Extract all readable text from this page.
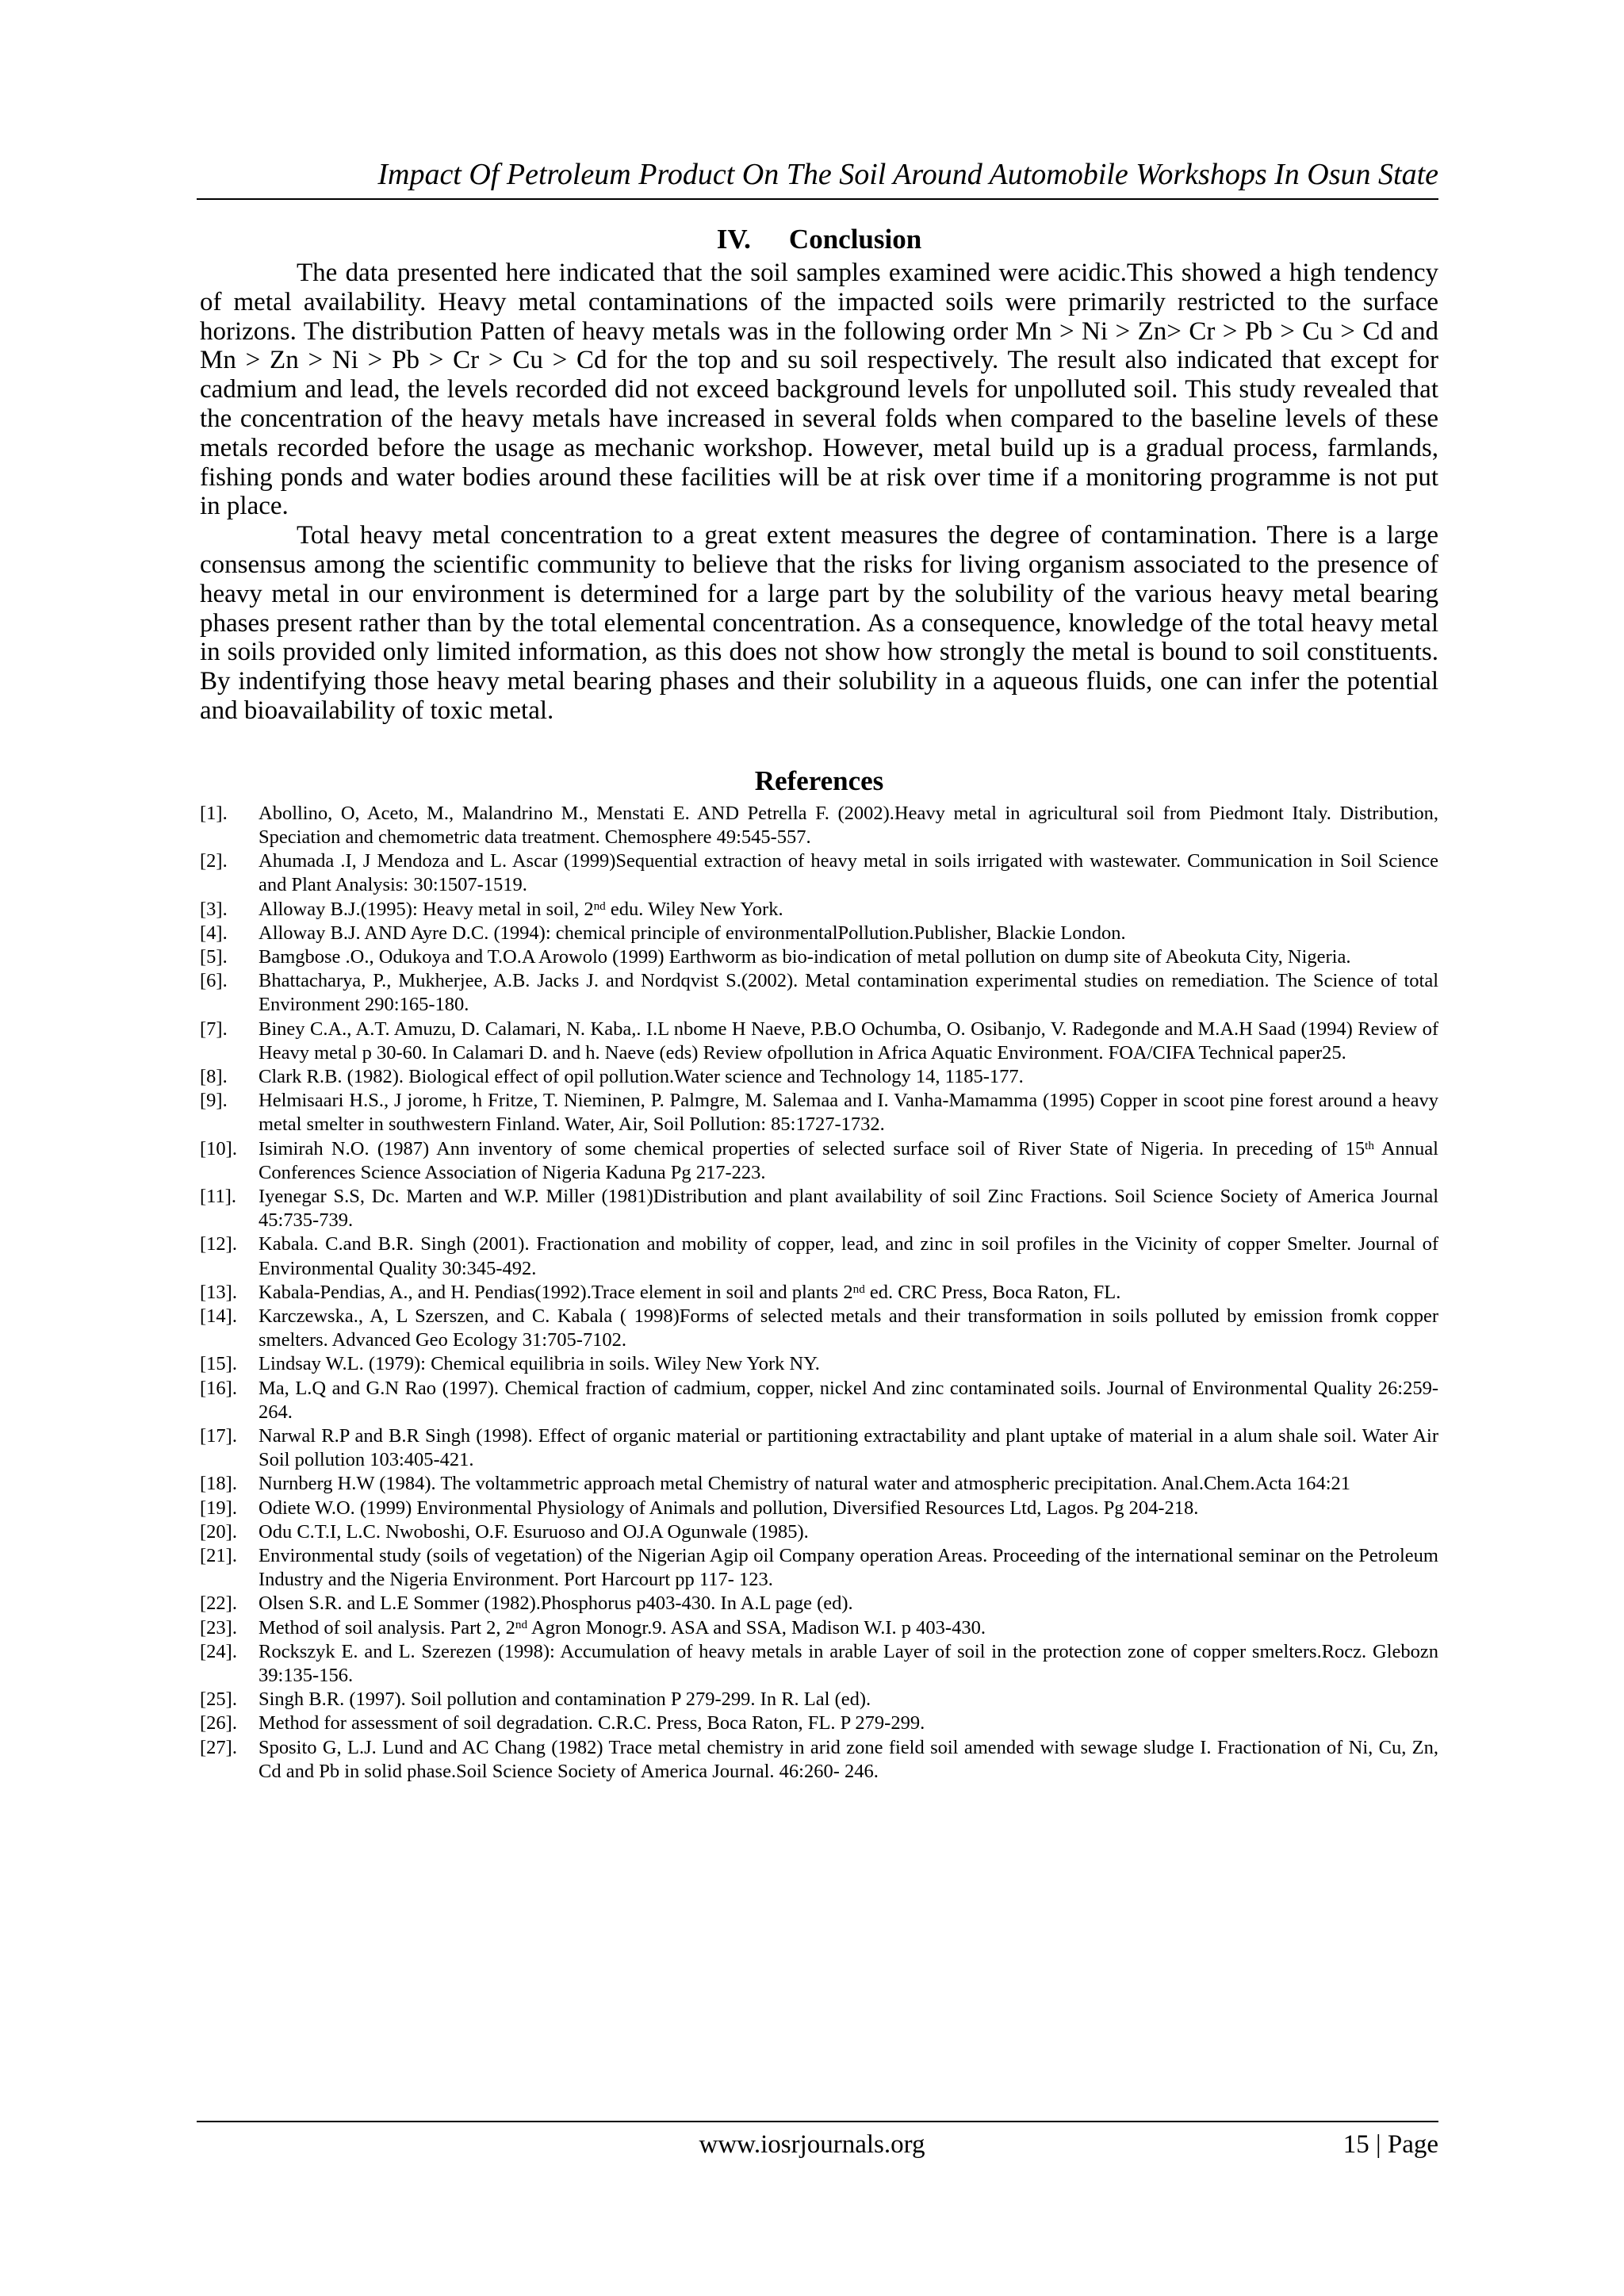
Impact Of Petroleum Product On The Soil Around Automobile Workshops In Osun State
IV. Conclusion

The data presented here indicated that the soil samples examined were acidic.This showed a high tendency of metal availability. Heavy metal contaminations of the impacted soils were primarily restricted to the surface horizons. The distribution Patten of heavy metals was in the following order Mn > Ni > Zn> Cr > Pb > Cu > Cd and Mn > Zn > Ni > Pb > Cr > Cu > Cd for the top and su soil respectively. The result also indicated that except for cadmium and lead, the levels recorded did not exceed background levels for unpolluted soil. This study revealed that the concentration of the heavy metals have increased in several folds when compared to the baseline levels of these metals recorded before the usage as mechanic workshop. However, metal build up is a gradual process, farmlands, fishing ponds and water bodies around these facilities will be at risk over time if a monitoring programme is not put in place.

Total heavy metal concentration to a great extent measures the degree of contamination. There is a large consensus among the scientific community to believe that the risks for living organism associated to the presence of heavy metal in our environment is determined for a large part by the solubility of the various heavy metal bearing phases present rather than by the total elemental concentration. As a consequence, knowledge of the total heavy metal in soils provided only limited information, as this does not show how strongly the metal is bound to soil constituents. By indentifying those heavy metal bearing phases and their solubility in a aqueous fluids, one can infer the potential and bioavailability of toxic metal.

References
[1]. Abollino, O, Aceto, M., Malandrino M., Menstati E. AND Petrella F. (2002).Heavy metal in agricultural soil from Piedmont Italy. Distribution, Speciation and chemometric data treatment. Chemosphere 49:545-557.
[2]. Ahumada .I, J Mendoza and L. Ascar (1999)Sequential extraction of heavy metal in soils irrigated with wastewater. Communication in Soil Science and Plant Analysis: 30:1507-1519.
[3]. Alloway B.J.(1995): Heavy metal in soil, 2nd edu. Wiley New York.
[4]. Alloway B.J. AND Ayre D.C. (1994): chemical principle of environmentalPollution.Publisher, Blackie London.
[5]. Bamgbose .O., Odukoya and T.O.A Arowolo (1999) Earthworm as bio-indication of metal pollution on dump site of Abeokuta City, Nigeria.
[6]. Bhattacharya, P., Mukherjee, A.B. Jacks J. and Nordqvist S.(2002). Metal contamination experimental studies on remediation. The Science of total Environment 290:165-180.
[7]. Biney C.A., A.T. Amuzu, D. Calamari, N. Kaba,. I.L nbome H Naeve, P.B.O Ochumba, O. Osibanjo, V. Radegonde and M.A.H Saad (1994) Review of Heavy metal p 30-60. In Calamari D. and h. Naeve (eds) Review ofpollution in Africa Aquatic Environment. FOA/CIFA Technical paper25.
[8]. Clark R.B. (1982). Biological effect of opil pollution.Water science and Technology 14, 1185-177.
[9]. Helmisaari H.S., J jorome, h Fritze, T. Nieminen, P. Palmgre, M. Salemaa and I. Vanha-Mamamma (1995) Copper in scoot pine forest around a heavy metal smelter in southwestern Finland. Water, Air, Soil Pollution: 85:1727-1732.
[10]. Isimirah N.O. (1987) Ann inventory of some chemical properties of selected surface soil of River State of Nigeria. In preceding of 15th Annual Conferences Science Association of Nigeria Kaduna Pg 217-223.
[11]. Iyenegar S.S, Dc. Marten and W.P. Miller (1981)Distribution and plant availability of soil Zinc Fractions. Soil Science Society of America Journal 45:735-739.
[12]. Kabala. C.and B.R. Singh (2001). Fractionation and mobility of copper, lead, and zinc in soil profiles in the Vicinity of copper Smelter. Journal of Environmental Quality 30:345-492.
[13]. Kabala-Pendias, A., and H. Pendias(1992).Trace element in soil and plants 2nd ed. CRC Press, Boca Raton, FL.
[14]. Karczewska., A, L Szerszen, and C. Kabala ( 1998)Forms of selected metals and their transformation in soils polluted by emission fromk copper smelters. Advanced Geo Ecology 31:705-7102.
[15]. Lindsay W.L. (1979): Chemical equilibria in soils. Wiley New York NY.
[16]. Ma, L.Q and G.N Rao (1997). Chemical fraction of cadmium, copper, nickel And zinc contaminated soils. Journal of Environmental Quality 26:259-264.
[17]. Narwal R.P and B.R Singh (1998). Effect of organic material or partitioning extractability and plant uptake of material in a alum shale soil. Water Air Soil pollution 103:405-421.
[18]. Nurnberg H.W (1984). The voltammetric approach metal Chemistry of natural water and atmospheric precipitation. Anal.Chem.Acta 164:21
[19]. Odiete W.O. (1999) Environmental Physiology of Animals and pollution, Diversified Resources Ltd, Lagos. Pg 204-218.
[20]. Odu C.T.I, L.C. Nwoboshi, O.F. Esuruoso and OJ.A Ogunwale (1985).
[21]. Environmental study (soils of vegetation) of the Nigerian Agip oil Company operation Areas. Proceeding of the international seminar on the Petroleum Industry and the Nigeria Environment. Port Harcourt pp 117- 123.
[22]. Olsen S.R. and L.E Sommer (1982).Phosphorus p403-430. In A.L page (ed).
[23]. Method of soil analysis. Part 2, 2nd Agron Monogr.9. ASA and SSA, Madison W.I. p 403-430.
[24]. Rockszyk E. and L. Szerezen (1998): Accumulation of heavy metals in arable Layer of soil in the protection zone of copper smelters.Rocz. Glebozn 39:135-156.
[25]. Singh B.R. (1997). Soil pollution and contamination P 279-299. In R. Lal (ed).
[26]. Method for assessment of soil degradation. C.R.C. Press, Boca Raton, FL. P 279-299.
[27]. Sposito G, L.J. Lund and AC Chang (1982) Trace metal chemistry in arid zone field soil amended with sewage sludge I. Fractionation of Ni, Cu, Zn, Cd and Pb in solid phase.Soil Science Society of America Journal. 46:260- 246.
www.iosrjournals.org	15 | Page
